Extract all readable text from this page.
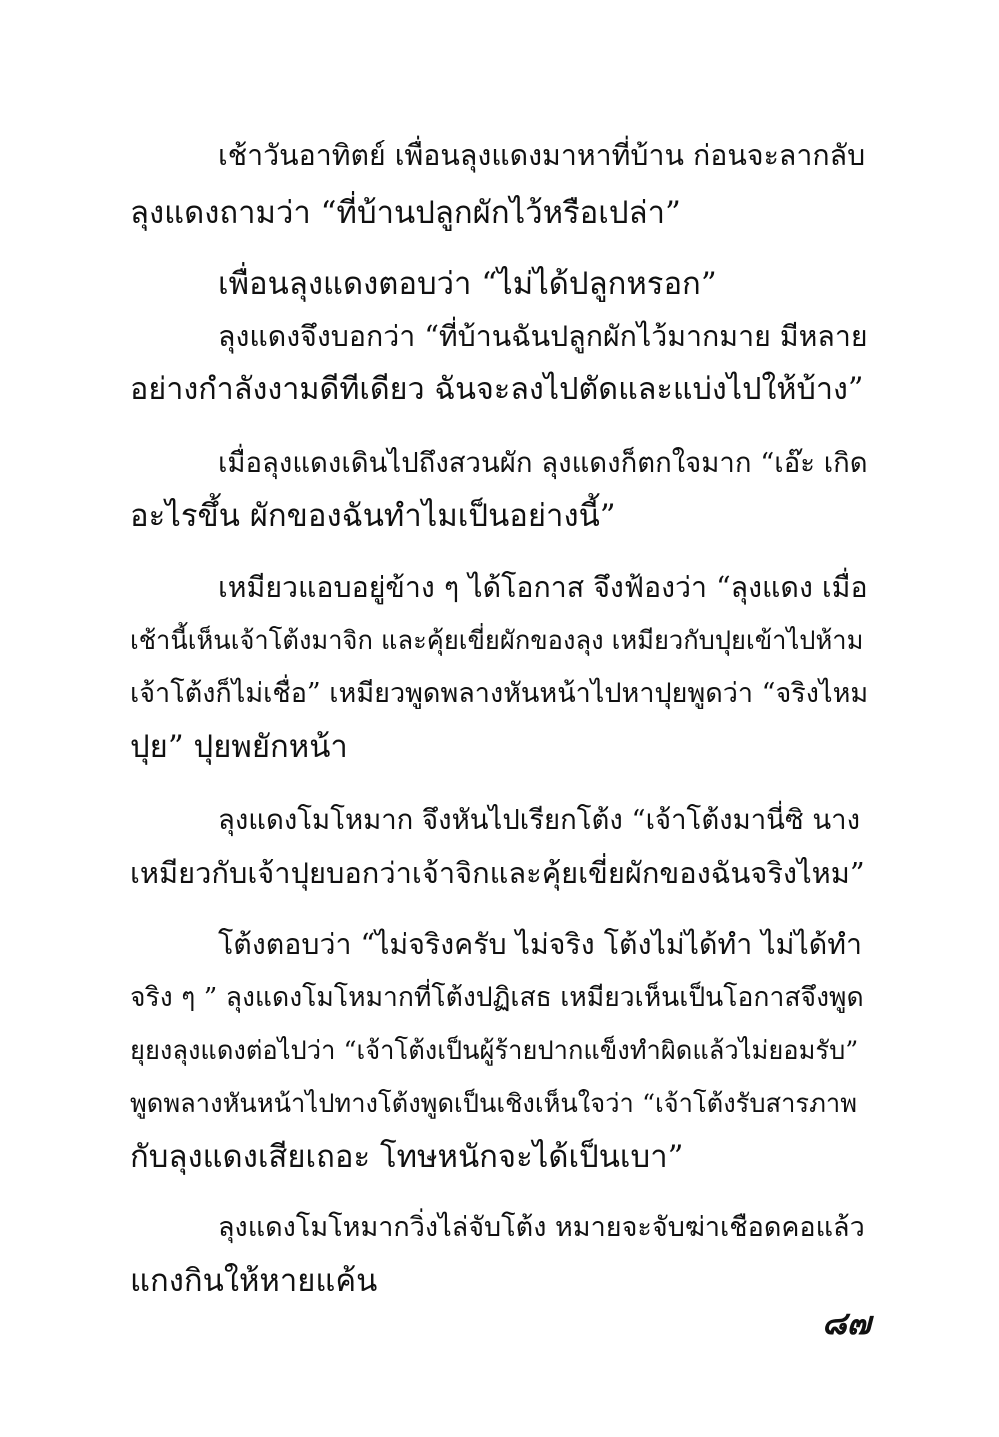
เช้าวันอาทิตย์ เพื่อนลุงแดงมาหาที่บ้าน ก่อนจะลากลับ
ลุงแดงถามว่า “ที่บ้านปลูกผักไว้หรือเปล่า”
เพื่อนลุงแดงตอบว่า “ไม่ได้ปลูกหรอก”
ลุงแดงจึงบอกว่า “ที่บ้านฉันปลูกผักไว้มากมาย มีหลาย
อย่างกำลังงามดีทีเดียว ฉันจะลงไปตัดและแบ่งไปให้บ้าง”
เมื่อลุงแดงเดินไปถึงสวนผัก ลุงแดงก็ตกใจมาก “เอ๊ะ เกิด
อะไรขึ้น ผักของฉันทำไมเป็นอย่างนี้”
เหมียวแอบอยู่ข้าง ๆ ได้โอกาส จึงฟ้องว่า “ลุงแดง เมื่อ
เช้านี้เห็นเจ้าโต้งมาจิก และคุ้ยเขี่ยผักของลุง เหมียวกับปุยเข้าไปห้าม
เจ้าโต้งก็ไม่เชื่อ” เหมียวพูดพลางหันหน้าไปหาปุยพูดว่า “จริงไหม
ปุย” ปุยพยักหน้า
ลุงแดงโมโหมาก จึงหันไปเรียกโต้ง “เจ้าโต้งมานี่ซิ นาง
เหมียวกับเจ้าปุยบอกว่าเจ้าจิกและคุ้ยเขี่ยผักของฉันจริงไหม”
โต้งตอบว่า “ไม่จริงครับ ไม่จริง โต้งไม่ได้ทำ ไม่ได้ทำ
จริง ๆ ” ลุงแดงโมโหมากที่โต้งปฏิเสธ เหมียวเห็นเป็นโอกาสจึงพูด
ยุยงลุงแดงต่อไปว่า “เจ้าโต้งเป็นผู้ร้ายปากแข็งทำผิดแล้วไม่ยอมรับ”
พูดพลางหันหน้าไปทางโต้งพูดเป็นเชิงเห็นใจว่า “เจ้าโต้งรับสารภาพ
กับลุงแดงเสียเถอะ โทษหนักจะได้เป็นเบา”
ลุงแดงโมโหมากวิ่งไล่จับโต้ง หมายจะจับฆ่าเชือดคอแล้ว
แกงกินให้หายแค้น
๘๗
